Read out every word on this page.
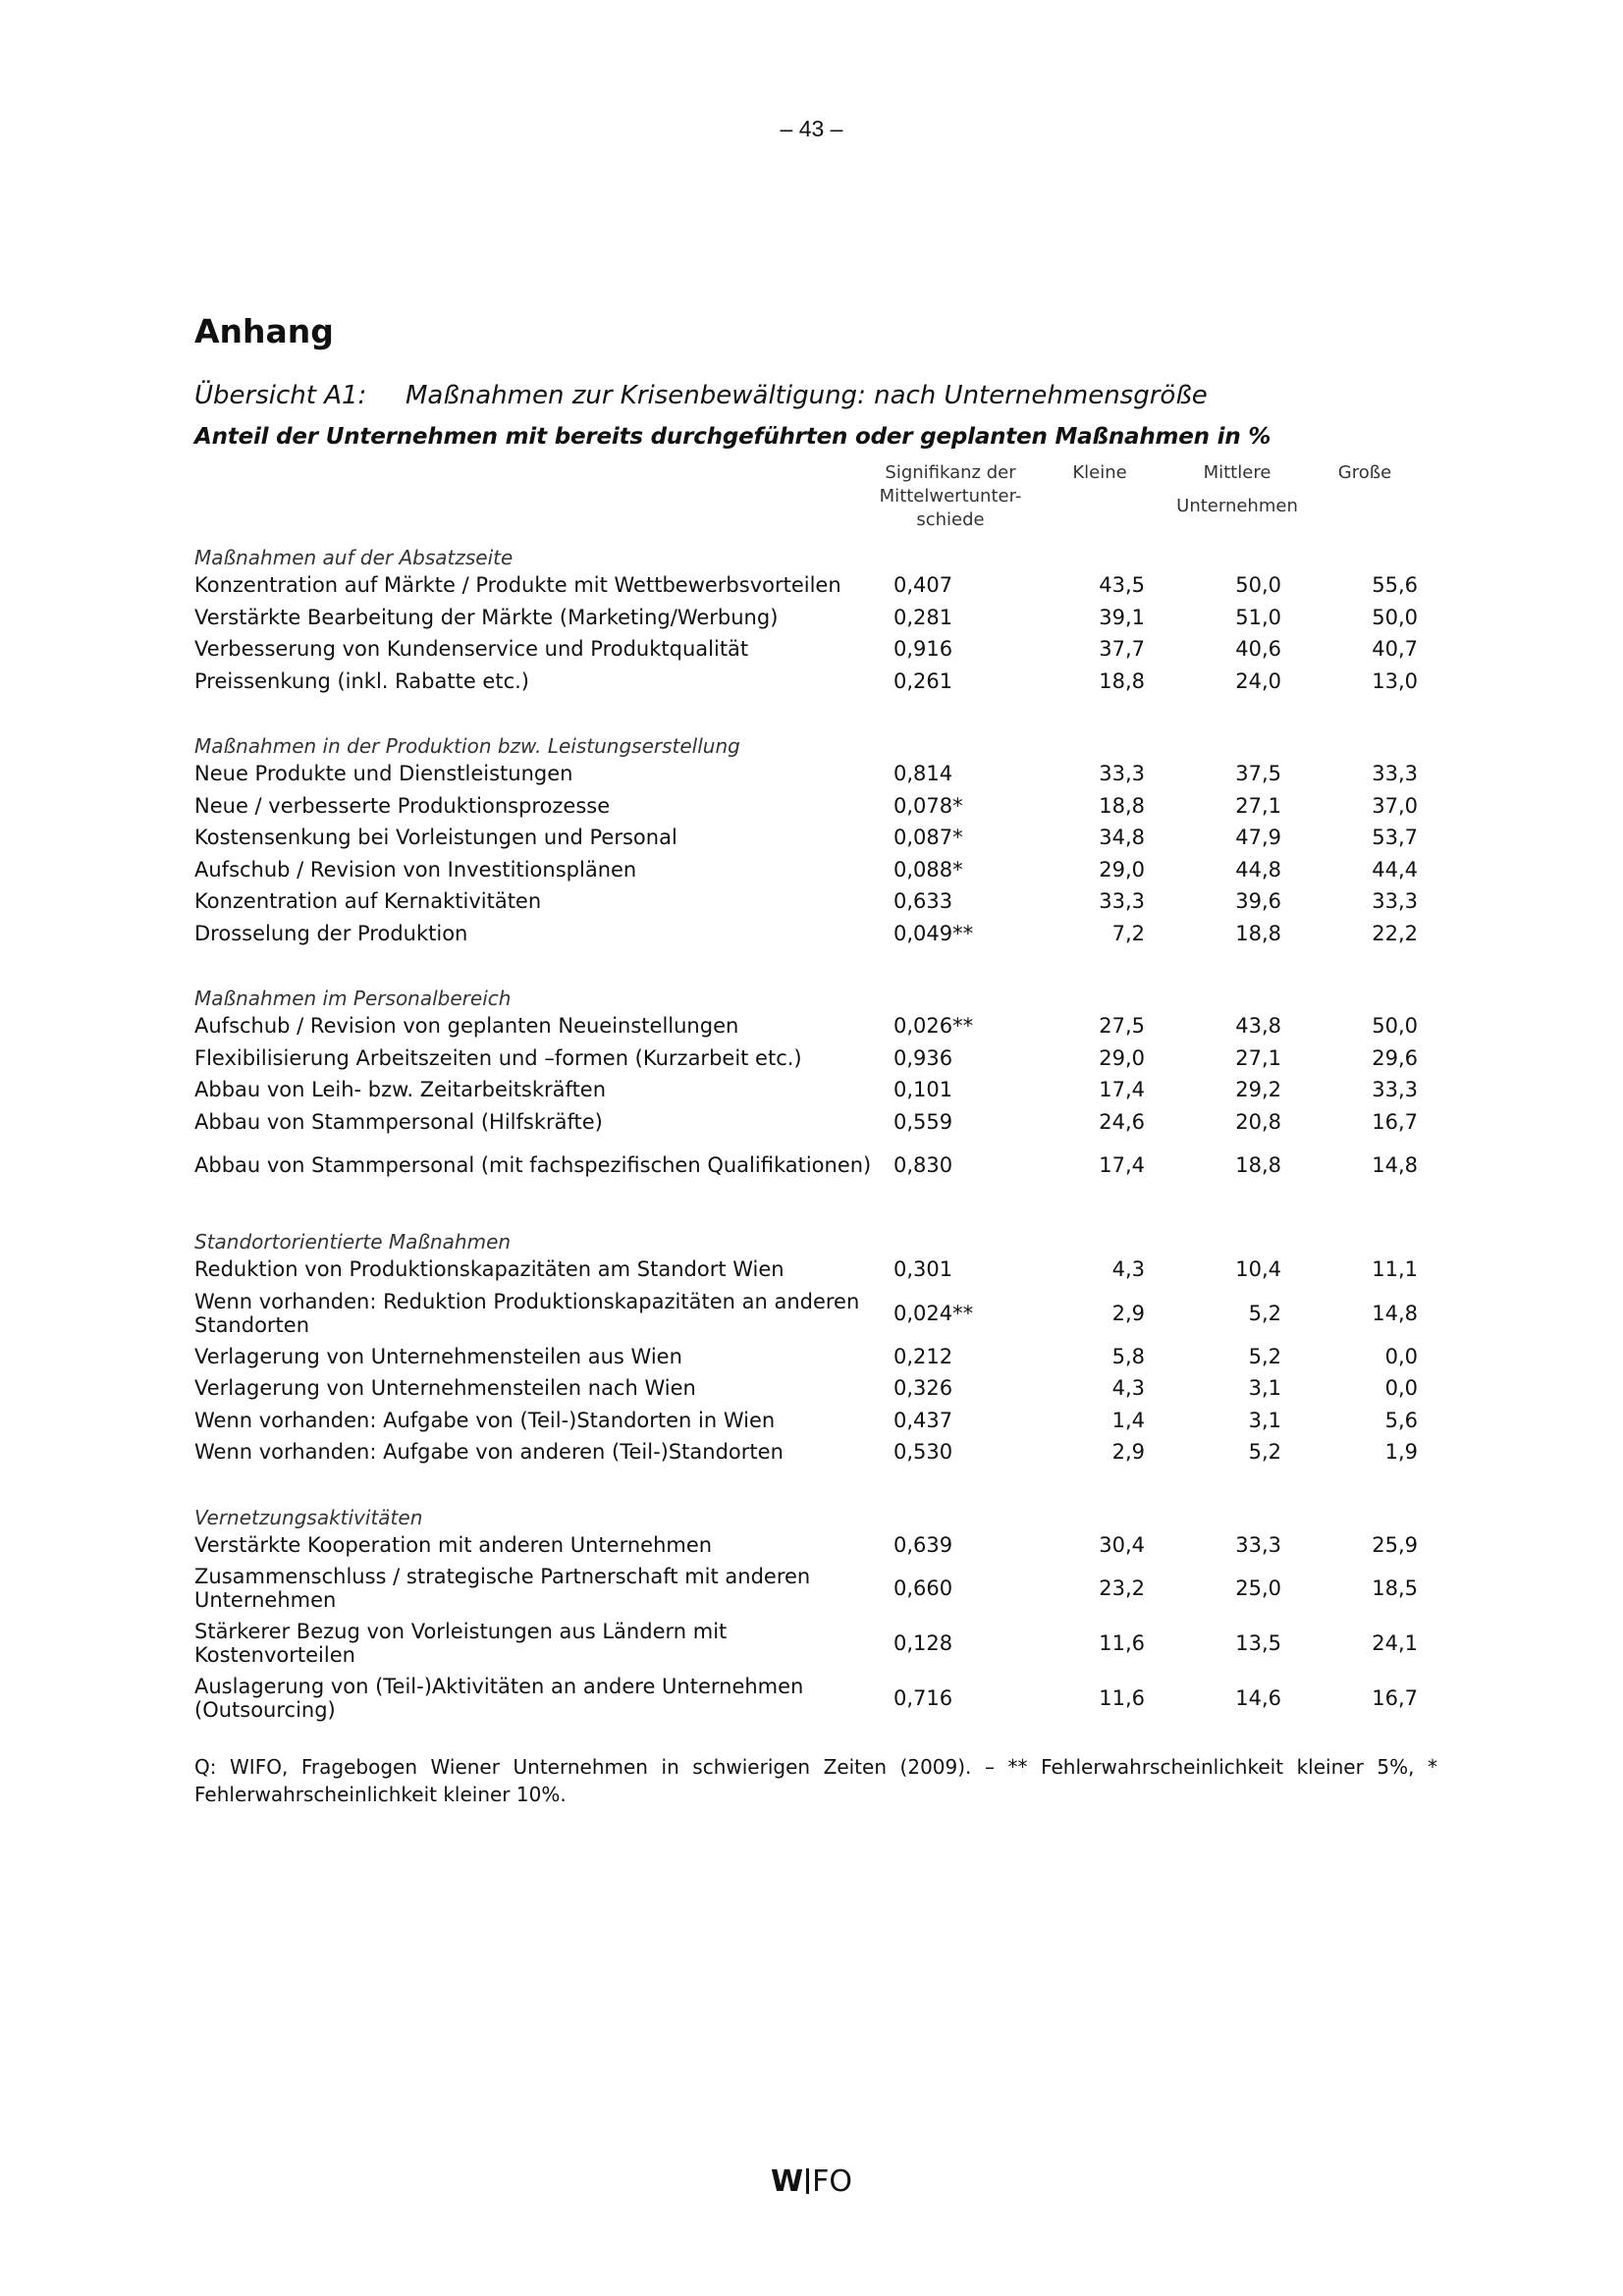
– 43 –
Anhang
Übersicht A1: Maßnahmen zur Krisenbewältigung: nach Unternehmensgröße
Anteil der Unternehmen mit bereits durchgeführten oder geplanten Maßnahmen in %
Signifikanz der Mittelwertunter-schiede
Kleine	Mittlere	Große
Unternehmen
Maßnahmen auf der Absatzseite				
Konzentration auf Märkte / Produkte mit Wettbewerbsvorteilen	0,407	43,5	50,0	55,6
Verstärkte Bearbeitung der Märkte (Marketing/Werbung)	0,281	39,1	51,0	50,0
Verbesserung von Kundenservice und Produktqualität	0,916	37,7	40,6	40,7
Preissenkung (inkl. Rabatte etc.)	0,261	18,8	24,0	13,0

Maßnahmen in der Produktion bzw. Leistungserstellung				
Neue Produkte und Dienstleistungen	0,814	33,3	37,5	33,3
Neue / verbesserte Produktionsprozesse	0,078*	18,8	27,1	37,0
Kostensenkung bei Vorleistungen und Personal	0,087*	34,8	47,9	53,7
Aufschub / Revision von Investitionsplänen	0,088*	29,0	44,8	44,4
Konzentration auf Kernaktivitäten	0,633	33,3	39,6	33,3
Drosselung der Produktion	0,049**	7,2	18,8	22,2

Maßnahmen im Personalbereich				
Aufschub / Revision von geplanten Neueinstellungen	0,026**	27,5	43,8	50,0
Flexibilisierung Arbeitszeiten und –formen (Kurzarbeit etc.)	0,936	29,0	27,1	29,6
Abbau von Leih- bzw. Zeitarbeitskräften	0,101	17,4	29,2	33,3
Abbau von Stammpersonal (Hilfskräfte)	0,559	24,6	20,8	16,7
Abbau von Stammpersonal (mit fachspezifischen Qualifikationen)	0,830	17,4	18,8	14,8

Standortorientierte Maßnahmen				
Reduktion von Produktionskapazitäten am Standort Wien	0,301	4,3	10,4	11,1
Wenn vorhanden: Reduktion Produktionskapazitäten an anderen Standorten	0,024**	2,9	5,2	14,8
Verlagerung von Unternehmensteilen aus Wien	0,212	5,8	5,2	0,0
Verlagerung von Unternehmensteilen nach Wien	0,326	4,3	3,1	0,0
Wenn vorhanden: Aufgabe von (Teil-)Standorten in Wien	0,437	1,4	3,1	5,6
Wenn vorhanden: Aufgabe von anderen (Teil-)Standorten	0,530	2,9	5,2	1,9

Vernetzungsaktivitäten				
Verstärkte Kooperation mit anderen Unternehmen	0,639	30,4	33,3	25,9
Zusammenschluss / strategische Partnerschaft mit anderen Unternehmen	0,660	23,2	25,0	18,5
Stärkerer Bezug von Vorleistungen aus Ländern mit Kostenvorteilen	0,128	11,6	13,5	24,1
Auslagerung von (Teil-)Aktivitäten an andere Unternehmen (Outsourcing)	0,716	11,6	14,6	16,7
Q: WIFO, Fragebogen Wiener Unternehmen in schwierigen Zeiten (2009). – ** Fehlerwahrscheinlichkeit kleiner 5%, * Fehlerwahrscheinlichkeit kleiner 10%.
W FO
